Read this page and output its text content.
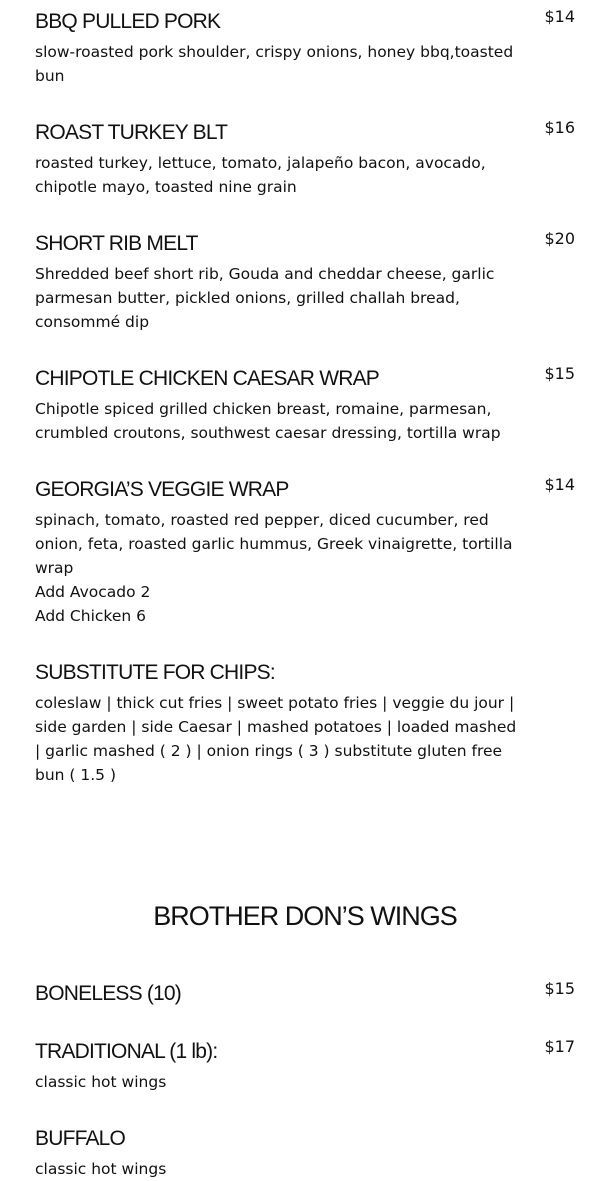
BBQ PULLED PORK	$14
slow-roasted pork shoulder, crispy onions, honey bbq,toasted
bun
ROAST TURKEY BLT	$16
roasted turkey, lettuce, tomato, jalapeño bacon, avocado,
chipotle mayo, toasted nine grain
SHORT RIB MELT	$20
Shredded beef short rib, Gouda and cheddar cheese, garlic
parmesan butter, pickled onions, grilled challah bread,
consommé dip
CHIPOTLE CHICKEN CAESAR WRAP	$15
Chipotle spiced grilled chicken breast, romaine, parmesan,
crumbled croutons, southwest caesar dressing, tortilla wrap
GEORGIA’S VEGGIE WRAP	$14
spinach, tomato, roasted red pepper, diced cucumber, red
onion, feta, roasted garlic hummus, Greek vinaigrette, tortilla
wrap
Add Avocado 2
Add Chicken 6
SUBSTITUTE FOR CHIPS:
coleslaw | thick cut fries | sweet potato fries | veggie du jour |
side garden | side Caesar | mashed potatoes | loaded mashed
| garlic mashed ( 2 ) | onion rings ( 3 ) substitute gluten free
bun ( 1.5 )
BROTHER DON’S WINGS
BONELESS (10)	$15
TRADITIONAL (1 lb):	$17
classic hot wings
BUFFALO
classic hot wings
